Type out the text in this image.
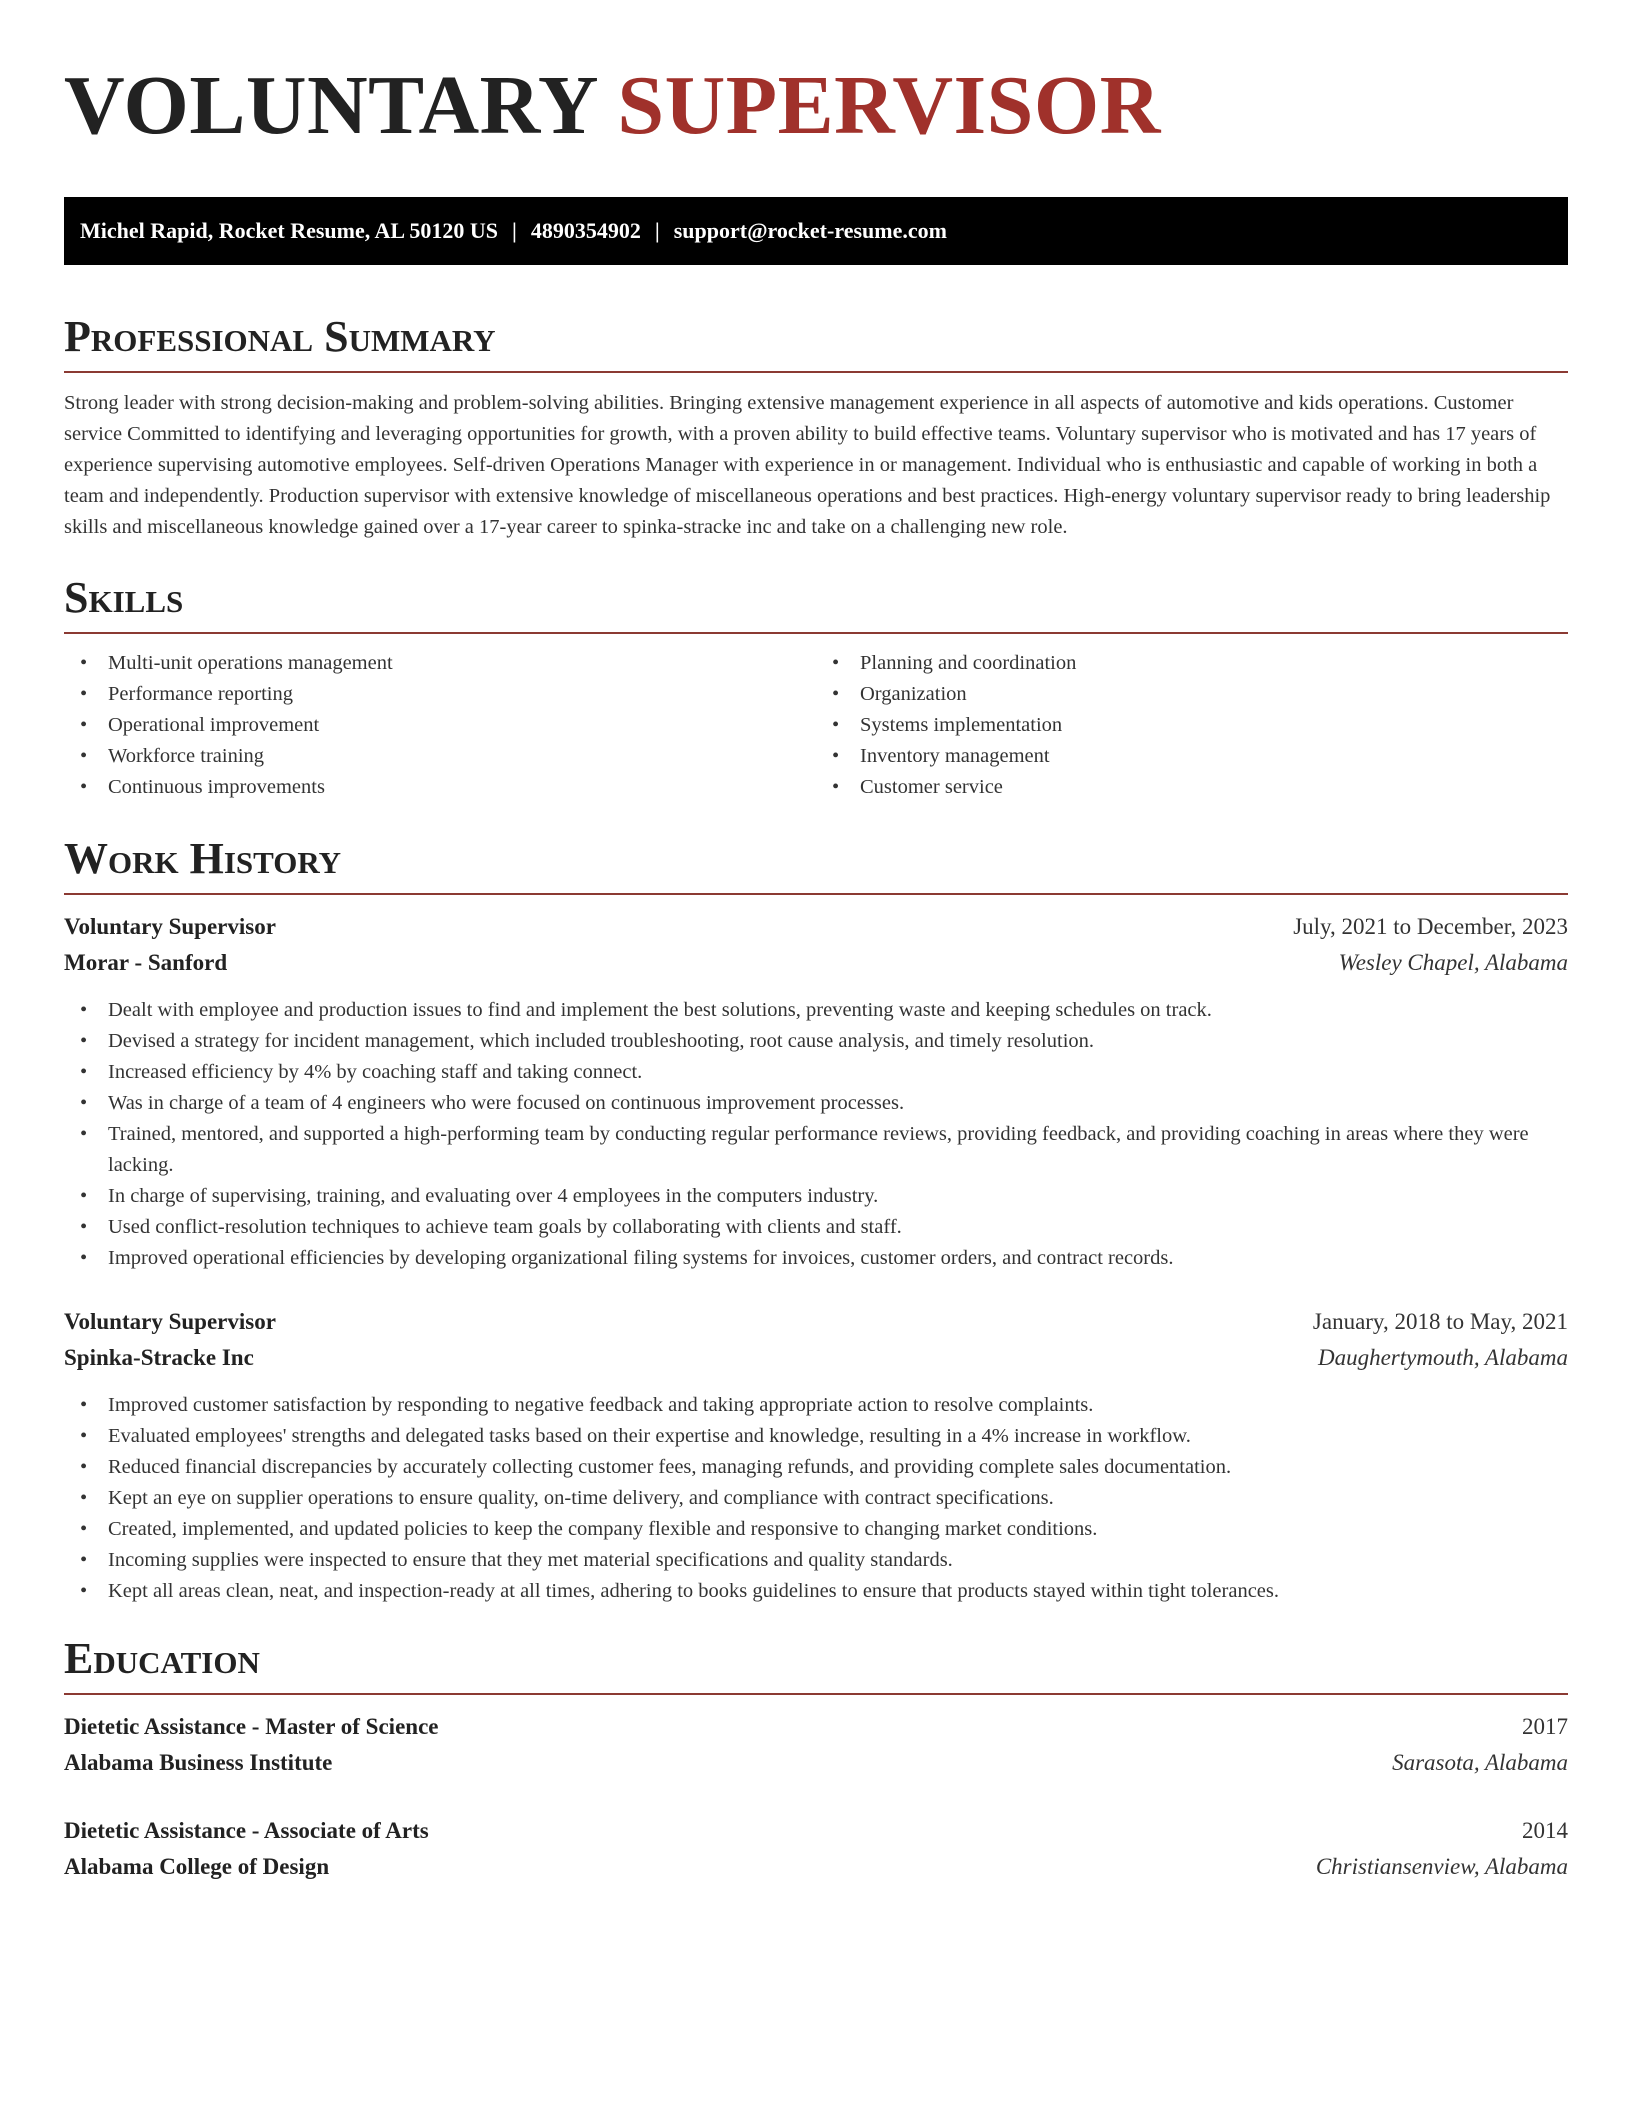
VOLUNTARY SUPERVISOR
Michel Rapid, Rocket Resume, AL 50120 US | 4890354902 | support@rocket-resume.com
Professional Summary

Strong leader with strong decision-making and problem-solving abilities. Bringing extensive management experience in all aspects of automotive and kids operations. Customer service Committed to identifying and leveraging opportunities for growth, with a proven ability to build effective teams. Voluntary supervisor who is motivated and has 17 years of experience supervising automotive employees. Self-driven Operations Manager with experience in or management. Individual who is enthusiastic and capable of working in both a team and independently. Production supervisor with extensive knowledge of miscellaneous operations and best practices. High-energy voluntary supervisor ready to bring leadership skills and miscellaneous knowledge gained over a 17-year career to spinka-stracke inc and take on a challenging new role.

Skills
• Multi-unit operations management
• Performance reporting
• Operational improvement
• Workforce training
• Continuous improvements
• Planning and coordination
• Organization
• Systems implementation
• Inventory management
• Customer service
Work History
Voluntary Supervisor	July, 2021 to December, 2023
Morar - Sanford	Wesley Chapel, Alabama
• Dealt with employee and production issues to find and implement the best solutions, preventing waste and keeping schedules on track.
• Devised a strategy for incident management, which included troubleshooting, root cause analysis, and timely resolution.
• Increased efficiency by 4% by coaching staff and taking connect.
• Was in charge of a team of 4 engineers who were focused on continuous improvement processes.
• Trained, mentored, and supported a high-performing team by conducting regular performance reviews, providing feedback, and providing coaching in areas where they were lacking.
• In charge of supervising, training, and evaluating over 4 employees in the computers industry.
• Used conflict-resolution techniques to achieve team goals by collaborating with clients and staff.
• Improved operational efficiencies by developing organizational filing systems for invoices, customer orders, and contract records.
Voluntary Supervisor	January, 2018 to May, 2021
Spinka-Stracke Inc	Daughertymouth, Alabama
• Improved customer satisfaction by responding to negative feedback and taking appropriate action to resolve complaints.
• Evaluated employees' strengths and delegated tasks based on their expertise and knowledge, resulting in a 4% increase in workflow.
• Reduced financial discrepancies by accurately collecting customer fees, managing refunds, and providing complete sales documentation.
• Kept an eye on supplier operations to ensure quality, on-time delivery, and compliance with contract specifications.
• Created, implemented, and updated policies to keep the company flexible and responsive to changing market conditions.
• Incoming supplies were inspected to ensure that they met material specifications and quality standards.
• Kept all areas clean, neat, and inspection-ready at all times, adhering to books guidelines to ensure that products stayed within tight tolerances.
Education
Dietetic Assistance - Master of Science	2017
Alabama Business Institute	Sarasota, Alabama
Dietetic Assistance - Associate of Arts	2014
Alabama College of Design	Christiansenview, Alabama
